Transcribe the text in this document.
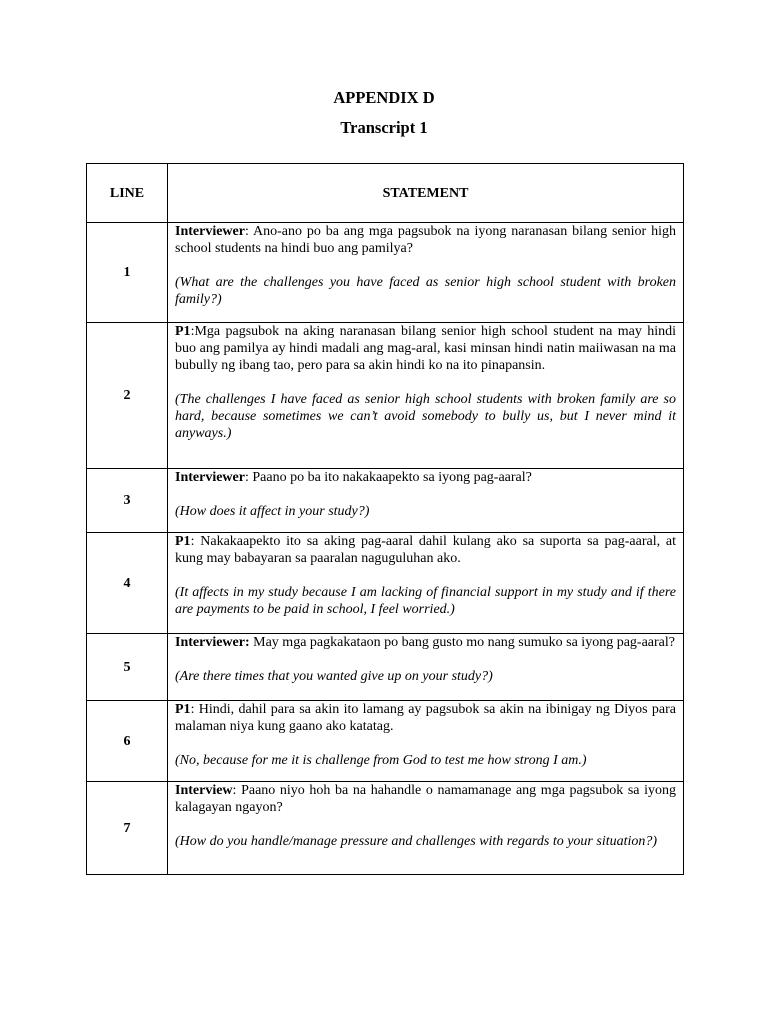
APPENDIX D
Transcript 1
LINE	STATEMENT
1	Interviewer: Ano-ano po ba ang mga pagsubok na iyong naranasan bilang senior high school students na hindi buo ang pamilya?

(What are the challenges you have faced as senior high school student with broken family?)

2	P1:Mga pagsubok na aking naranasan bilang senior high school student na may hindi buo ang pamilya ay hindi madali ang mag-aral, kasi minsan hindi natin maiiwasan na ma bubully ng ibang tao, pero para sa akin hindi ko na ito pinapansin.

(The challenges I have faced as senior high school students with broken family are so hard, because sometimes we can’t avoid somebody to bully us, but I never mind it anyways.)

3	Interviewer: Paano po ba ito nakakaapekto sa iyong pag-aaral?

(How does it affect in your study?)

4	P1: Nakakaapekto ito sa aking pag-aaral dahil kulang ako sa suporta sa pag-aaral, at kung may babayaran sa paaralan naguguluhan ako.

(It affects in my study because I am lacking of financial support in my study and if there are payments to be paid in school, I feel worried.)

5	Interviewer: May mga pagkakataon po bang gusto mo nang sumuko sa iyong pag-aaral?

(Are there times that you wanted give up on your study?)

6	P1: Hindi, dahil para sa akin ito lamang ay pagsubok sa akin na ibinigay ng Diyos para malaman niya kung gaano ako katatag.

(No, because for me it is challenge from God to test me how strong I am.)

7	Interview: Paano niyo hoh ba na hahandle o namamanage ang mga pagsubok sa iyong kalagayan ngayon?

(How do you handle/manage pressure and challenges with regards to your situation?)
